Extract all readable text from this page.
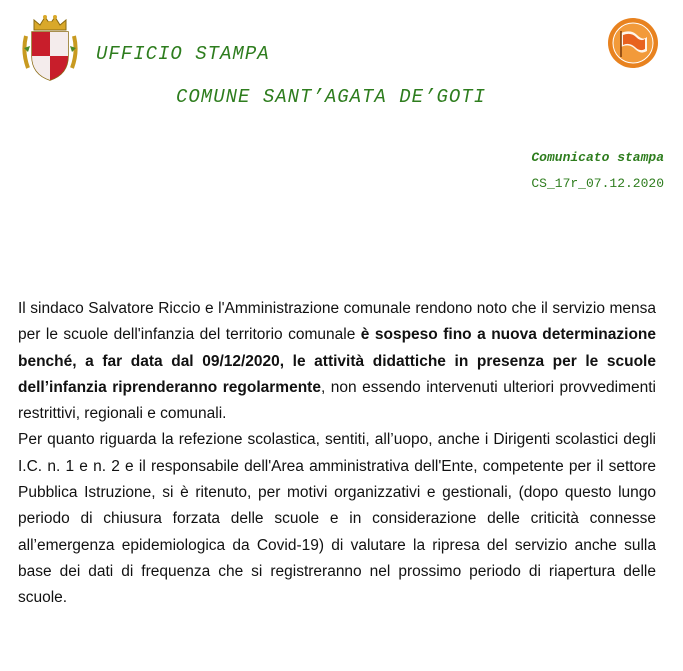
UFFICIO STAMPA
COMUNE SANT’AGATA DE’GOTI
Comunicato stampa
CS_17r_07.12.2020

Il sindaco Salvatore Riccio e l'Amministrazione comunale rendono noto che il servizio mensa per le scuole dell'infanzia del territorio comunale è sospeso fino a nuova determinazione benché, a far data dal 09/12/2020, le attività didattiche in presenza per le scuole dell’infanzia riprenderanno regolarmente, non essendo intervenuti ulteriori provvedimenti restrittivi, regionali e comunali.

Per quanto riguarda la refezione scolastica, sentiti, all’uopo, anche i Dirigenti scolastici degli I.C. n. 1 e n. 2 e il responsabile dell'Area amministrativa dell'Ente, competente per il settore Pubblica Istruzione, si è ritenuto, per motivi organizzativi e gestionali, (dopo questo lungo periodo di chiusura forzata delle scuole e in considerazione delle criticità connesse all’emergenza epidemiologica da Covid-19) di valutare la ripresa del servizio anche sulla base dei dati di frequenza che si registreranno nel prossimo periodo di riapertura delle scuole.
